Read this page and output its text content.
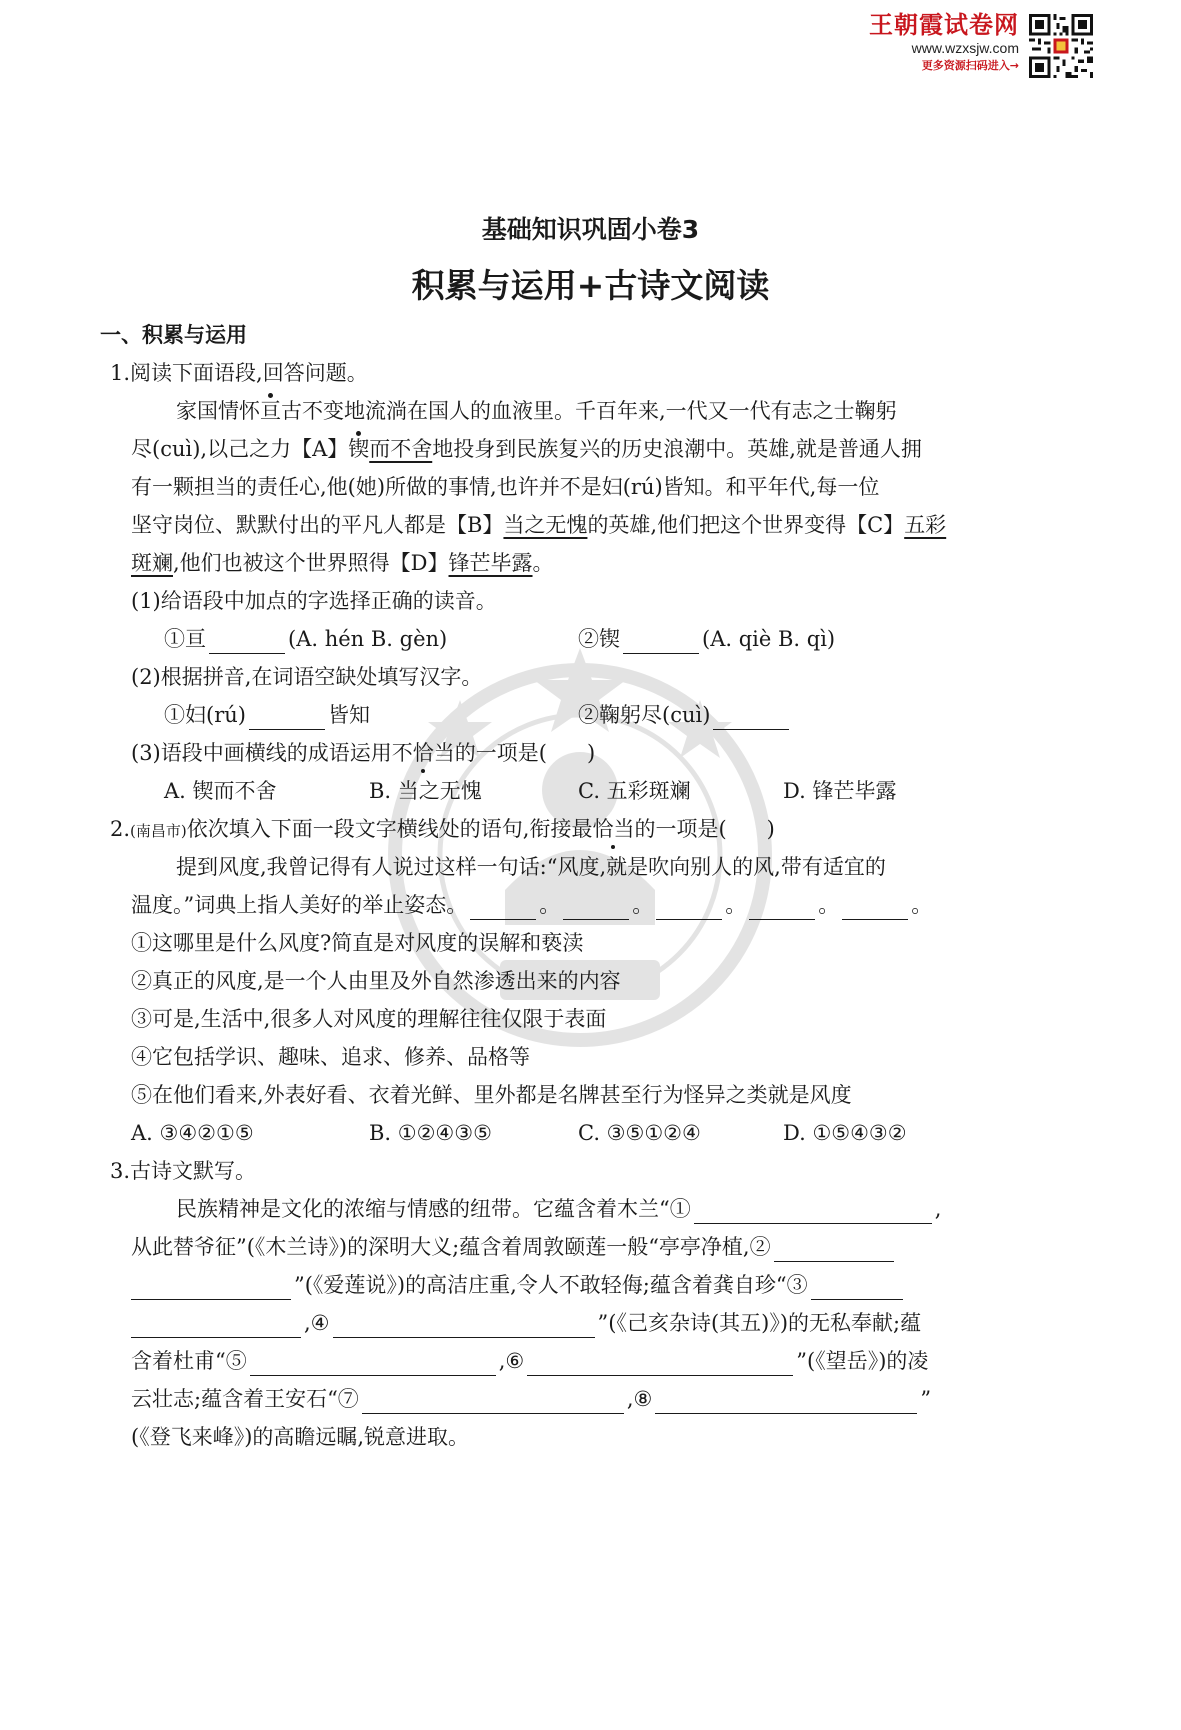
王朝霞试卷网
www.wzxsjw.com
更多资源扫码进入→
基础知识巩固小卷3
积累与运用+古诗文阅读
一、积累与运用
1.阅读下面语段,回答问题。
家国情怀亘古不变地流淌在国人的血液里。千百年来,一代又一代有志之士鞠躬
尽(cuì),以己之力【A】锲而不舍地投身到民族复兴的历史浪潮中。英雄,就是普通人拥
有一颗担当的责任心,他(她)所做的事情,也许并不是妇(rú)皆知。和平年代,每一位
坚守岗位、默默付出的平凡人都是【B】当之无愧的英雄,他们把这个世界变得【C】五彩
斑斓,他们也被这个世界照得【D】锋芒毕露。
(1)给语段中加点的字选择正确的读音。
①亘	(A. hén B. gèn)	②锲	(A. qiè B. qì)
(2)根据拼音,在词语空缺处填写汉字。
①妇(rú)	皆知	②鞠躬尽(cuì)
(3)语段中画横线的成语运用不恰当的一项是( )
A. 锲而不舍	B. 当之无愧	C. 五彩斑斓	D. 锋芒毕露
2.(南昌市)依次填入下面一段文字横线处的语句,衔接最恰当的一项是( )
提到风度,我曾记得有人说过这样一句话:“风度,就是吹向别人的风,带有适宜的
温度。”词典上指人美好的举止姿态。	。	。	。	。	。
①这哪里是什么风度?简直是对风度的误解和亵渎
②真正的风度,是一个人由里及外自然渗透出来的内容
③可是,生活中,很多人对风度的理解往往仅限于表面
④它包括学识、趣味、追求、修养、品格等
⑤在他们看来,外表好看、衣着光鲜、里外都是名牌甚至行为怪异之类就是风度
A. ③④②①⑤	B. ①②④③⑤	C. ③⑤①②④	D. ①⑤④③②
3.古诗文默写。
民族精神是文化的浓缩与情感的纽带。它蕴含着木兰“①	,
从此替爷征”(《木兰诗》)的深明大义;蕴含着周敦颐莲一般“亭亭净植,②
”(《爱莲说》)的高洁庄重,令人不敢轻侮;蕴含着龚自珍“③
,④	”(《己亥杂诗(其五)》)的无私奉献;蕴
含着杜甫“⑤	,⑥	”(《望岳》)的凌
云壮志;蕴含着王安石“⑦	,⑧	”
(《登飞来峰》)的高瞻远瞩,锐意进取。
